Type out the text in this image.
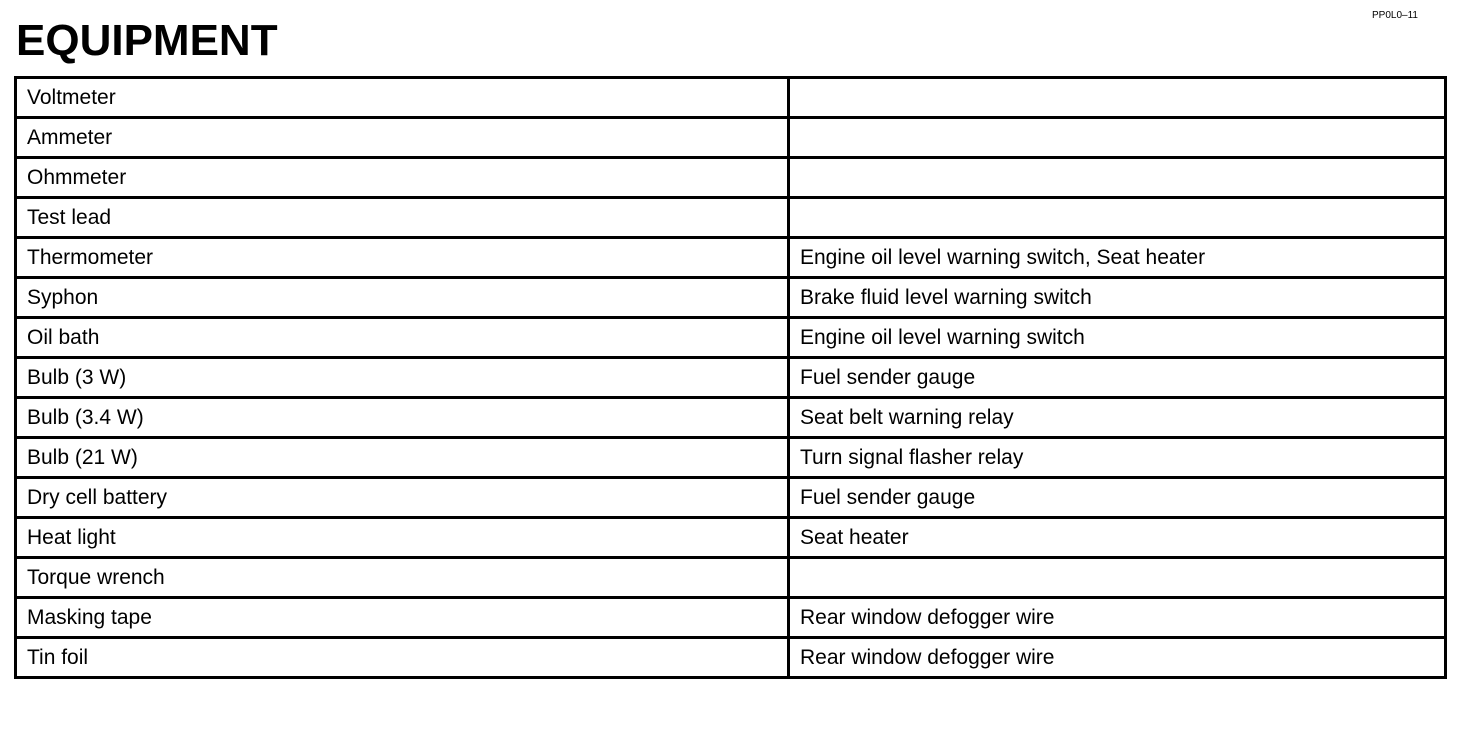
EQUIPMENT
PP0L0–11
Voltmeter	
Ammeter	
Ohmmeter	
Test lead	
Thermometer	Engine oil level warning switch, Seat heater
Syphon	Brake fluid level warning switch
Oil bath	Engine oil level warning switch
Bulb (3 W)	Fuel sender gauge
Bulb (3.4 W)	Seat belt warning relay
Bulb (21 W)	Turn signal flasher relay
Dry cell battery	Fuel sender gauge
Heat light	Seat heater
Torque wrench	
Masking tape	Rear window defogger wire
Tin foil	Rear window defogger wire
